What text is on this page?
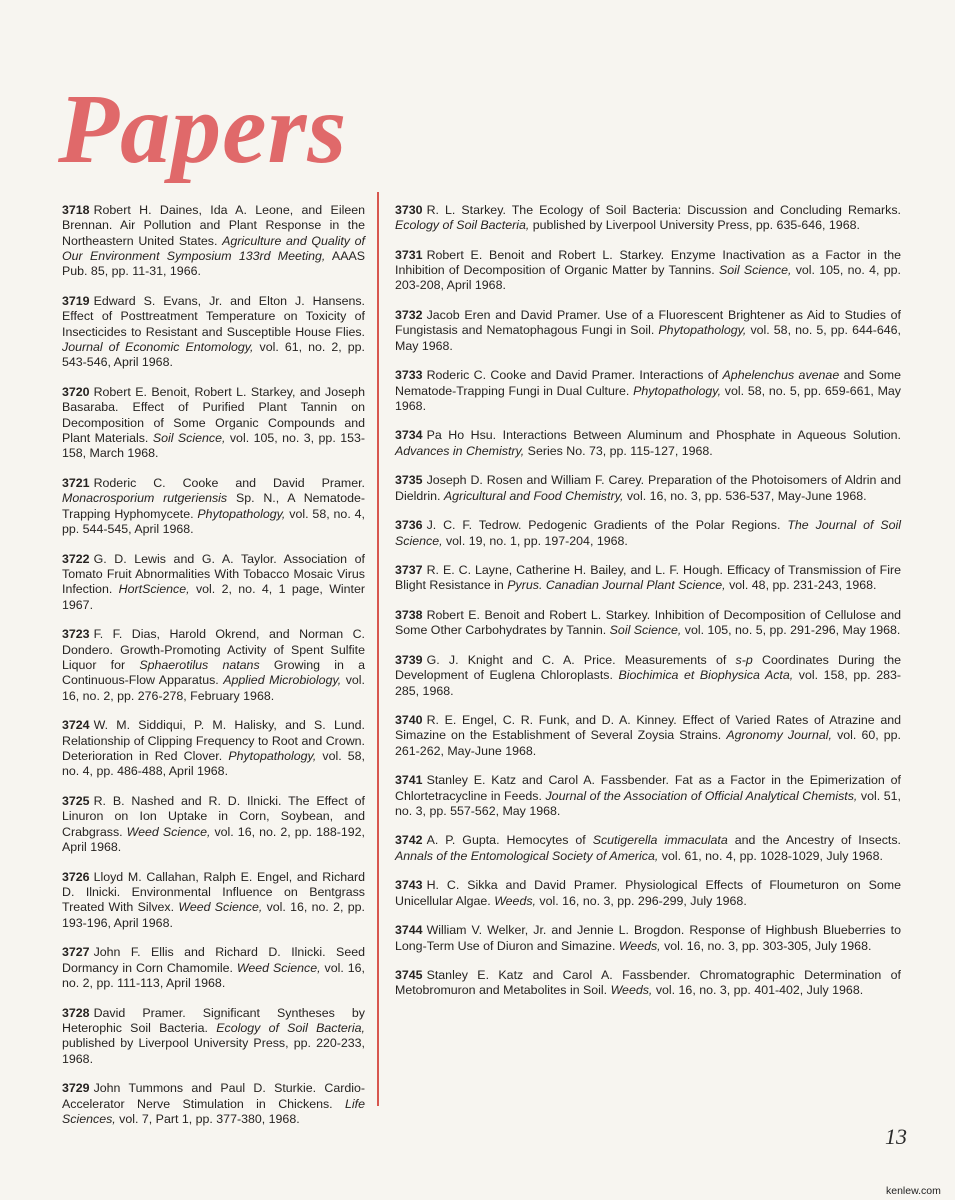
Papers

3718 Robert H. Daines, Ida A. Leone, and Eileen Brennan. Air Pollution and Plant Response in the Northeastern United States. Agriculture and Quality of Our Environment Symposium 133rd Meeting, AAAS Pub. 85, pp. 11-31, 1966.

3719 Edward S. Evans, Jr. and Elton J. Hansens. Effect of Posttreatment Temperature on Toxicity of Insecticides to Resistant and Susceptible House Flies. Journal of Economic Entomology, vol. 61, no. 2, pp. 543-546, April 1968.

3720 Robert E. Benoit, Robert L. Starkey, and Joseph Basaraba. Effect of Purified Plant Tannin on Decomposition of Some Organic Compounds and Plant Materials. Soil Science, vol. 105, no. 3, pp. 153-158, March 1968.

3721 Roderic C. Cooke and David Pramer. Monacrosporium rutgeriensis Sp. N., A Nematode-Trapping Hyphomycete. Phytopathology, vol. 58, no. 4, pp. 544-545, April 1968.

3722 G. D. Lewis and G. A. Taylor. Association of Tomato Fruit Abnormalities With Tobacco Mosaic Virus Infection. HortScience, vol. 2, no. 4, 1 page, Winter 1967.

3723 F. F. Dias, Harold Okrend, and Norman C. Dondero. Growth-Promoting Activity of Spent Sulfite Liquor for Sphaerotilus natans Growing in a Continuous-Flow Apparatus. Applied Microbiology, vol. 16, no. 2, pp. 276-278, February 1968.

3724 W. M. Siddiqui, P. M. Halisky, and S. Lund. Relationship of Clipping Frequency to Root and Crown. Deterioration in Red Clover. Phytopathology, vol. 58, no. 4, pp. 486-488, April 1968.

3725 R. B. Nashed and R. D. Ilnicki. The Effect of Linuron on Ion Uptake in Corn, Soybean, and Crabgrass. Weed Science, vol. 16, no. 2, pp. 188-192, April 1968.

3726 Lloyd M. Callahan, Ralph E. Engel, and Richard D. Ilnicki. Environmental Influence on Bentgrass Treated With Silvex. Weed Science, vol. 16, no. 2, pp. 193-196, April 1968.

3727 John F. Ellis and Richard D. Ilnicki. Seed Dormancy in Corn Chamomile. Weed Science, vol. 16, no. 2, pp. 111-113, April 1968.

3728 David Pramer. Significant Syntheses by Heterophic Soil Bacteria. Ecology of Soil Bacteria, published by Liverpool University Press, pp. 220-233, 1968.

3729 John Tummons and Paul D. Sturkie. Cardio-Accelerator Nerve Stimulation in Chickens. Life Sciences, vol. 7, Part 1, pp. 377-380, 1968.

3730 R. L. Starkey. The Ecology of Soil Bacteria: Discussion and Concluding Remarks. Ecology of Soil Bacteria, published by Liverpool University Press, pp. 635-646, 1968.

3731 Robert E. Benoit and Robert L. Starkey. Enzyme Inactivation as a Factor in the Inhibition of Decomposition of Organic Matter by Tannins. Soil Science, vol. 105, no. 4, pp. 203-208, April 1968.

3732 Jacob Eren and David Pramer. Use of a Fluorescent Brightener as Aid to Studies of Fungistasis and Nematophagous Fungi in Soil. Phytopathology, vol. 58, no. 5, pp. 644-646, May 1968.

3733 Roderic C. Cooke and David Pramer. Interactions of Aphelenchus avenae and Some Nematode-Trapping Fungi in Dual Culture. Phytopathology, vol. 58, no. 5, pp. 659-661, May 1968.

3734 Pa Ho Hsu. Interactions Between Aluminum and Phosphate in Aqueous Solution. Advances in Chemistry, Series No. 73, pp. 115-127, 1968.

3735 Joseph D. Rosen and William F. Carey. Preparation of the Photoisomers of Aldrin and Dieldrin. Agricultural and Food Chemistry, vol. 16, no. 3, pp. 536-537, May-June 1968.

3736 J. C. F. Tedrow. Pedogenic Gradients of the Polar Regions. The Journal of Soil Science, vol. 19, no. 1, pp. 197-204, 1968.

3737 R. E. C. Layne, Catherine H. Bailey, and L. F. Hough. Efficacy of Transmission of Fire Blight Resistance in Pyrus. Canadian Journal Plant Science, vol. 48, pp. 231-243, 1968.

3738 Robert E. Benoit and Robert L. Starkey. Inhibition of Decomposition of Cellulose and Some Other Carbohydrates by Tannin. Soil Science, vol. 105, no. 5, pp. 291-296, May 1968.

3739 G. J. Knight and C. A. Price. Measurements of s-p Coordinates During the Development of Euglena Chloroplasts. Biochimica et Biophysica Acta, vol. 158, pp. 283-285, 1968.

3740 R. E. Engel, C. R. Funk, and D. A. Kinney. Effect of Varied Rates of Atrazine and Simazine on the Establishment of Several Zoysia Strains. Agronomy Journal, vol. 60, pp. 261-262, May-June 1968.

3741 Stanley E. Katz and Carol A. Fassbender. Fat as a Factor in the Epimerization of Chlortetracycline in Feeds. Journal of the Association of Official Analytical Chemists, vol. 51, no. 3, pp. 557-562, May 1968.

3742 A. P. Gupta. Hemocytes of Scutigerella immaculata and the Ancestry of Insects. Annals of the Entomological Society of America, vol. 61, no. 4, pp. 1028-1029, July 1968.

3743 H. C. Sikka and David Pramer. Physiological Effects of Floumeturon on Some Unicellular Algae. Weeds, vol. 16, no. 3, pp. 296-299, July 1968.

3744 William V. Welker, Jr. and Jennie L. Brogdon. Response of Highbush Blueberries to Long-Term Use of Diuron and Simazine. Weeds, vol. 16, no. 3, pp. 303-305, July 1968.

3745 Stanley E. Katz and Carol A. Fassbender. Chromatographic Determination of Metobromuron and Metabolites in Soil. Weeds, vol. 16, no. 3, pp. 401-402, July 1968.

13
kenlew.com
